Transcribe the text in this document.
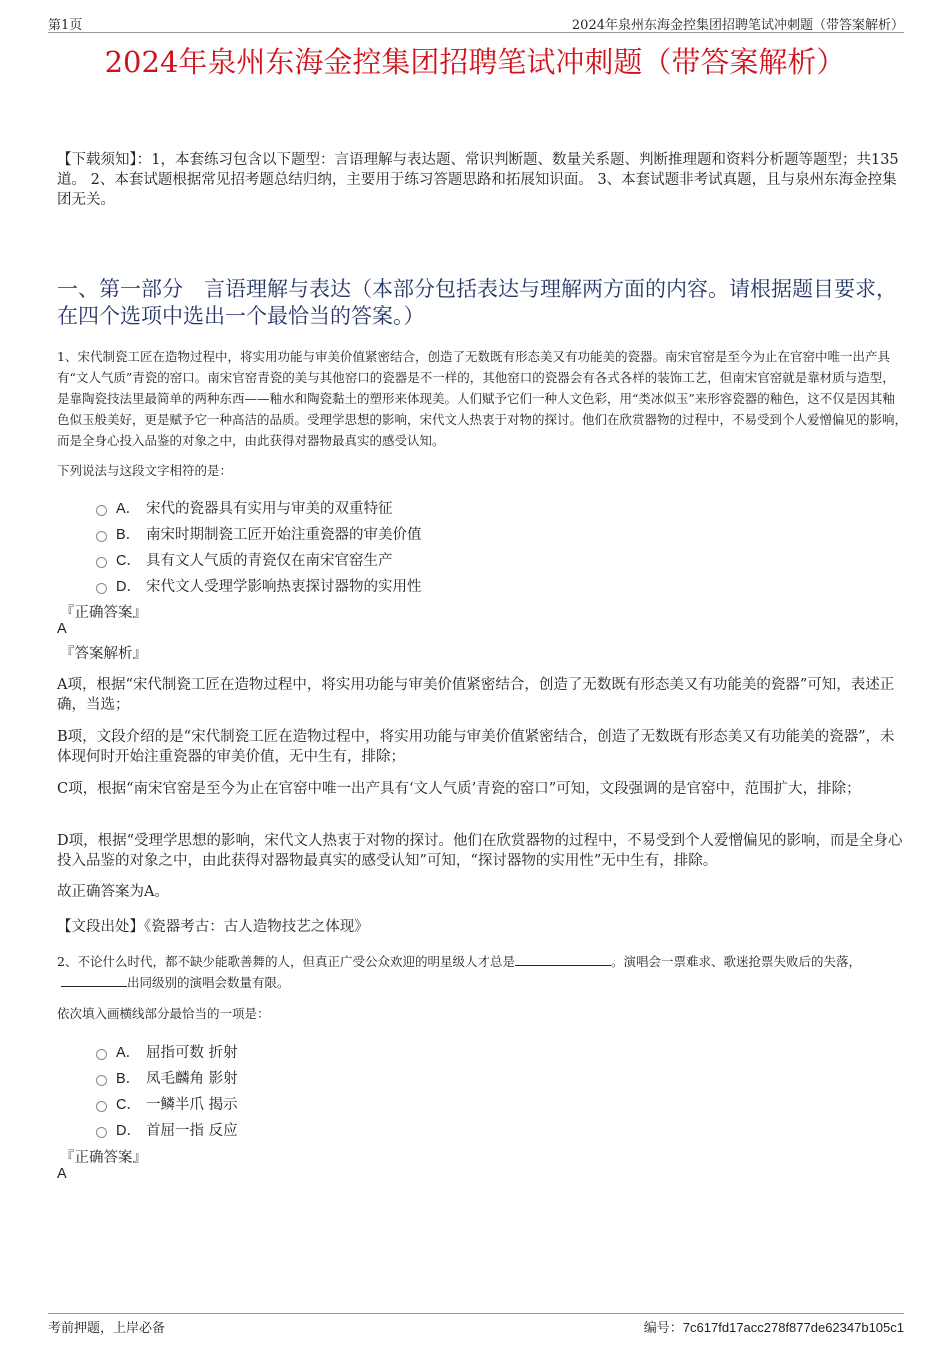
第1页	2024年泉州东海金控集团招聘笔试冲刺题（带答案解析）
2024年泉州东海金控集团招聘笔试冲刺题（带答案解析）
【下载须知】：1，本套练习包含以下题型：言语理解与表达题、常识判断题、数量关系题、判断推理题和资料分析题等题型；共135道。 2、本套试题根据常见招考题总结归纳，主要用于练习答题思路和拓展知识面。 3、本套试题非考试真题，且与泉州东海金控集团无关。
一、第一部分　言语理解与表达（本部分包括表达与理解两方面的内容。请根据题目要求，在四个选项中选出一个最恰当的答案。）
1、宋代制瓷工匠在造物过程中，将实用功能与审美价值紧密结合，创造了无数既有形态美又有功能美的瓷器。南宋官窑是至今为止在官窑中唯一出产具有“文人气质”青瓷的窑口。南宋官窑青瓷的美与其他窑口的瓷器是不一样的，其他窑口的瓷器会有各式各样的装饰工艺，但南宋官窑就是靠材质与造型，是靠陶瓷技法里最简单的两种东西——釉水和陶瓷黏土的塑形来体现美。人们赋予它们一种人文色彩，用“类冰似玉”来形容瓷器的釉色，这不仅是因其釉色似玉般美好，更是赋予它一种高洁的品质。受理学思想的影响，宋代文人热衷于对物的探讨。他们在欣赏器物的过程中，不易受到个人爱憎偏见的影响，而是全身心投入品鉴的对象之中，由此获得对器物最真实的感受认知。
下列说法与这段文字相符的是：
A． 宋代的瓷器具有实用与审美的双重特征
B． 南宋时期制瓷工匠开始注重瓷器的审美价值
C． 具有文人气质的青瓷仅在南宋官窑生产
D． 宋代文人受理学影响热衷探讨器物的实用性
『正确答案』
A
『答案解析』
A项，根据“宋代制瓷工匠在造物过程中，将实用功能与审美价值紧密结合，创造了无数既有形态美又有功能美的瓷器”可知，表述正确，当选；
B项，文段介绍的是“宋代制瓷工匠在造物过程中，将实用功能与审美价值紧密结合，创造了无数既有形态美又有功能美的瓷器”，未体现何时开始注重瓷器的审美价值，无中生有，排除；
C项，根据“南宋官窑是至今为止在官窑中唯一出产具有‘文人气质’青瓷的窑口”可知，文段强调的是官窑中，范围扩大，排除；
D项，根据“受理学思想的影响，宋代文人热衷于对物的探讨。他们在欣赏器物的过程中，不易受到个人爱憎偏见的影响，而是全身心投入品鉴的对象之中，由此获得对器物最真实的感受认知”可知，“探讨器物的实用性”无中生有，排除。
故正确答案为A。
【文段出处】《瓷器考古：古人造物技艺之体现》
2、不论什么时代，都不缺少能歌善舞的人，但真正广受公众欢迎的明星级人才总是	。演唱会一票难求、歌迷抢票失败后的失落，出同级别的演唱会数量有限。
依次填入画横线部分最恰当的一项是：
A． 屈指可数 折射
B． 凤毛麟角 影射
C． 一鳞半爪 揭示
D． 首屈一指 反应
『正确答案』
A
考前押题，上岸必备	编号：7c617fd17acc278f877de62347b105c1
